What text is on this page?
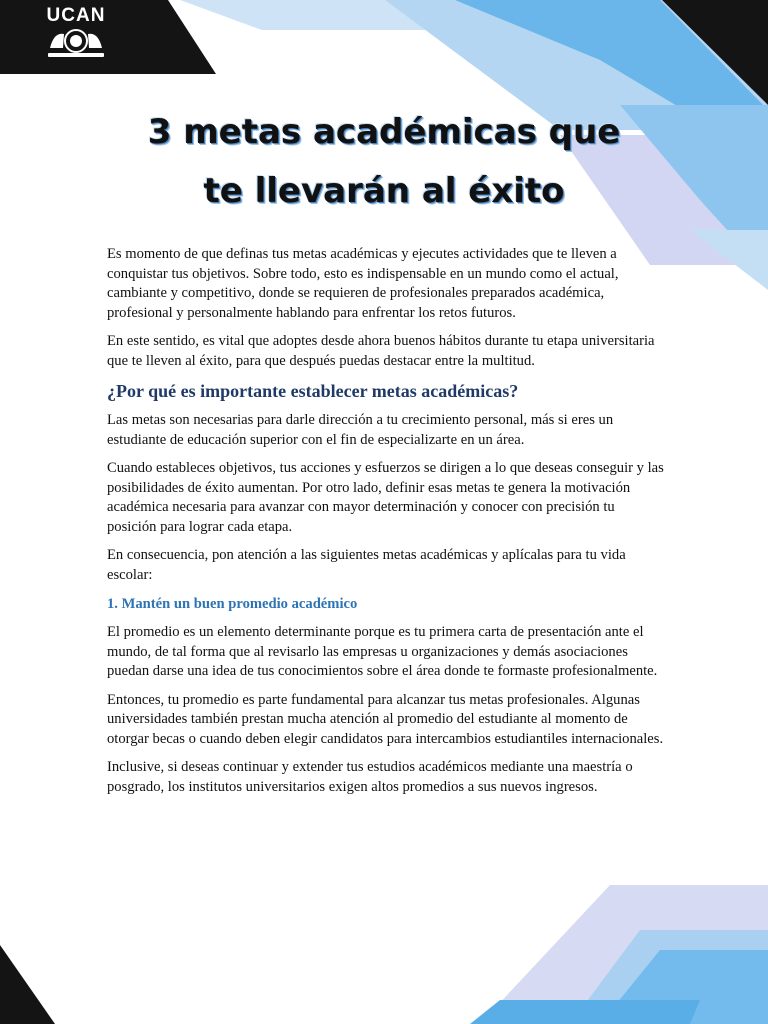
UCAN
3 metas académicas que
te llevarán al éxito

Es momento de que definas tus metas académicas y ejecutes actividades que te lleven a conquistar tus objetivos. Sobre todo, esto es indispensable en un mundo como el actual, cambiante y competitivo, donde se requieren de profesionales preparados académica, profesional y personalmente hablando para enfrentar los retos futuros.

En este sentido, es vital que adoptes desde ahora buenos hábitos durante tu etapa universitaria que te lleven al éxito, para que después puedas destacar entre la multitud.

¿Por qué es importante establecer metas académicas?

Las metas son necesarias para darle dirección a tu crecimiento personal, más si eres un estudiante de educación superior con el fin de especializarte en un área.

Cuando estableces objetivos, tus acciones y esfuerzos se dirigen a lo que deseas conseguir y las posibilidades de éxito aumentan. Por otro lado, definir esas metas te genera la motivación académica necesaria para avanzar con mayor determinación y conocer con precisión tu posición para lograr cada etapa.

En consecuencia, pon atención a las siguientes metas académicas y aplícalas para tu vida escolar:

1. Mantén un buen promedio académico

El promedio es un elemento determinante porque es tu primera carta de presentación ante el mundo, de tal forma que al revisarlo las empresas u organizaciones y demás asociaciones puedan darse una idea de tus conocimientos sobre el área donde te formaste profesionalmente.

Entonces, tu promedio es parte fundamental para alcanzar tus metas profesionales. Algunas universidades también prestan mucha atención al promedio del estudiante al momento de otorgar becas o cuando deben elegir candidatos para intercambios estudiantiles internacionales.

Inclusive, si deseas continuar y extender tus estudios académicos mediante una maestría o posgrado, los institutos universitarios exigen altos promedios a sus nuevos ingresos.
